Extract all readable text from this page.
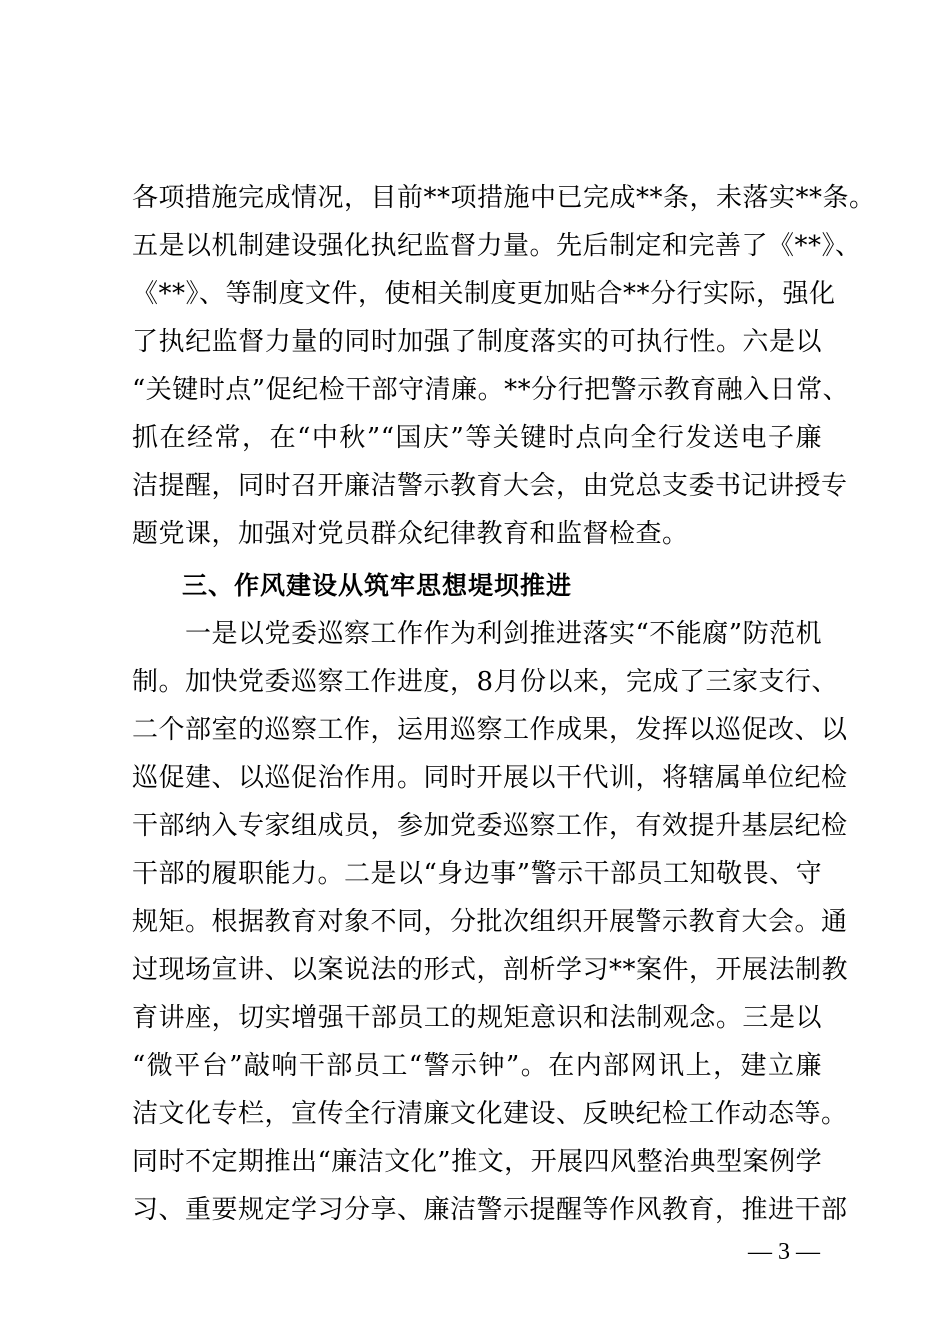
各项措施完成情况，目前**项措施中已完成**条，未落实**条。
五是以机制建设强化执纪监督力量。先后制定和完善了《**》、
《**》、等制度文件，使相关制度更加贴合**分行实际，强化
了执纪监督力量的同时加强了制度落实的可执行性。六是以
“关键时点”促纪检干部守清廉。**分行把警示教育融入日常、
抓在经常，在“中秋”“国庆”等关键时点向全行发送电子廉
洁提醒，同时召开廉洁警示教育大会，由党总支委书记讲授专
题党课，加强对党员群众纪律教育和监督检查。
三、作风建设从筑牢思想堤坝推进
　　一是以党委巡察工作作为利剑推进落实“不能腐”防范机
制。加快党委巡察工作进度，8月份以来，完成了三家支行、
二个部室的巡察工作，运用巡察工作成果，发挥以巡促改、以
巡促建、以巡促治作用。同时开展以干代训，将辖属单位纪检
干部纳入专家组成员，参加党委巡察工作，有效提升基层纪检
干部的履职能力。二是以“身边事”警示干部员工知敬畏、守
规矩。根据教育对象不同，分批次组织开展警示教育大会。通
过现场宣讲、以案说法的形式，剖析学习**案件，开展法制教
育讲座，切实增强干部员工的规矩意识和法制观念。三是以
“微平台”敲响干部员工“警示钟”。在内部网讯上，建立廉
洁文化专栏，宣传全行清廉文化建设、反映纪检工作动态等。
同时不定期推出“廉洁文化”推文，开展四风整治典型案例学
习、重要规定学习分享、廉洁警示提醒等作风教育，推进干部
— 3 —
